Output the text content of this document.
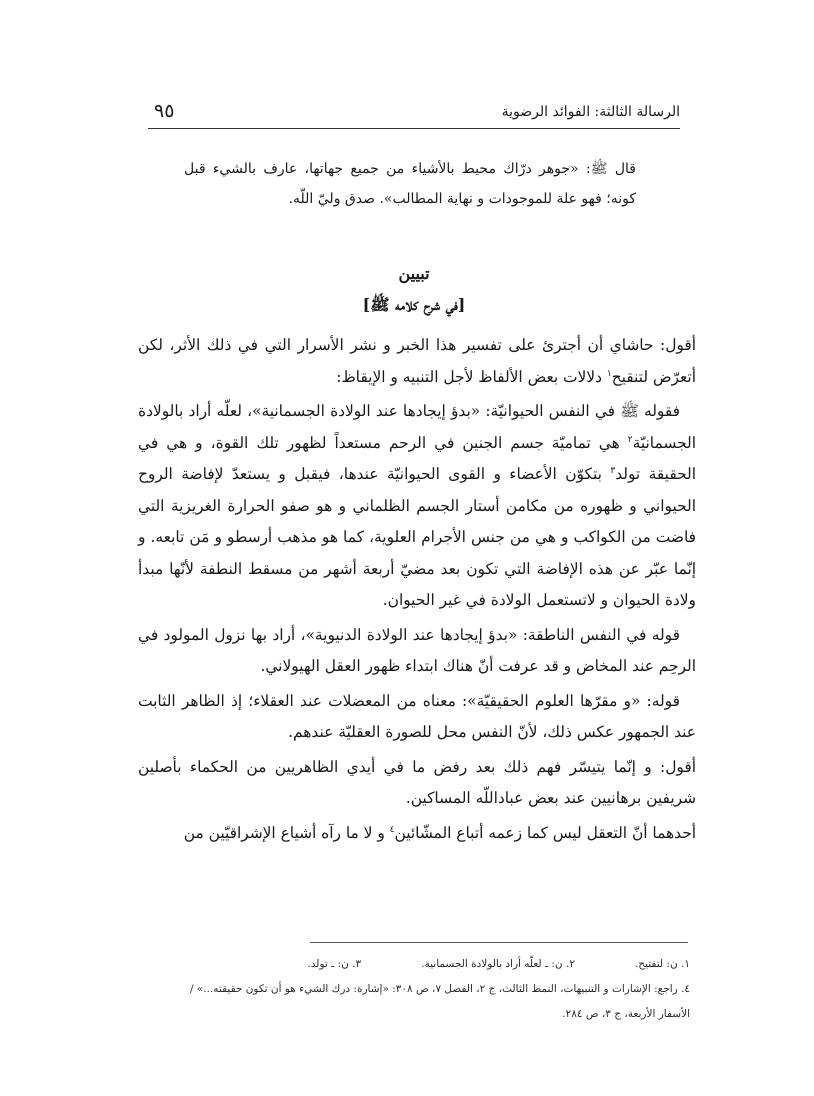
الرسالة الثالثة: الفوائد الرضوية
٩٥
قال ﷺ: «جوهر درّاك محيط بالأشياء من جميع جهاتها، عارف بالشيء قبل كونه؛ فهو علة للموجودات و نهاية المطالب». صدق وليّ اللّه.
تبيين
[في شرح كلامه ﷺ]

أقول: حاشاي أن أجترئ على تفسير هذا الخبر و نشر الأسرار التي في ذلك الأثر، لكن أتعرّض لتنقيح$^١$ دلالات بعض الألفاظ لأجل التنبيه و الإيقاظ:

فقوله ﷺ في النفس الحيوانيّة: «بدؤ إيجادها عند الولادة الجسمانية»، لعلّه أراد بالولادة الجسمانيّة$^٢$ هي تماميّة جسم الجنين في الرحم مستعداً لظهور تلك القوة، و هي في الحقيقة تولد$^٣$ بتكوّن الأعضاء و القوى الحيوانيّة عندها، فيقبل و يستعدّ لإفاضة الروح الحيواني و ظهوره من مكامن أستار الجسم الظلماني و هو صفو الحرارة الغريزية التي فاضت من الكواكب و هي من جنس الأجرام العلوية، كما هو مذهب أرسطو و مَن تابعه. و إنّما عبّر عن هذه الإفاضة التي تكون بعد مضيّ أربعة أشهر من مسقط النطفة لأنّها مبدأ ولادة الحيوان و لاتستعمل الولادة في غير الحيوان.

قوله في النفس الناطقة: «بدؤ إيجادها عند الولادة الدنيوية»، أراد بها نزول المولود في الرحِم عند المخاض و قد عرفت أنّ هناك ابتداء ظهور العقل الهيولاني.

قوله: «و مقرّها العلوم الحقيقيّة»: معناه من المعضلات عند العقلاء؛ إذ الظاهر الثابت عند الجمهور عكس ذلك، لأنّ النفس محل للصورة العقليّة عندهم.

أقول: و إنّما يتيسّر فهم ذلك بعد رفض ما في أيدي الظاهريين من الحكماء بأصلين شريفين برهانيين عند بعض عباداللّه المساكين.

أحدهما أنّ التعقل ليس كما زعمه أتباع المشّائين$^٤$ و لا ما رآه أشياع الإشراقيّين من

١. ن: لتفتيح.
٢. ن: ـ لعلّه أراد بالولادة الجسمانية.
٣. ن: ـ تولد.
٤. راجع: الإشارات و التنبيهات، النمط الثالث، ج ٢، الفصل ٧، ص ٣٠٨: «إشارة: درك الشيء هو أن تكون حقيقته...» /
الأسفار الأربعة، ج ٣، ص ٢٨٤.
